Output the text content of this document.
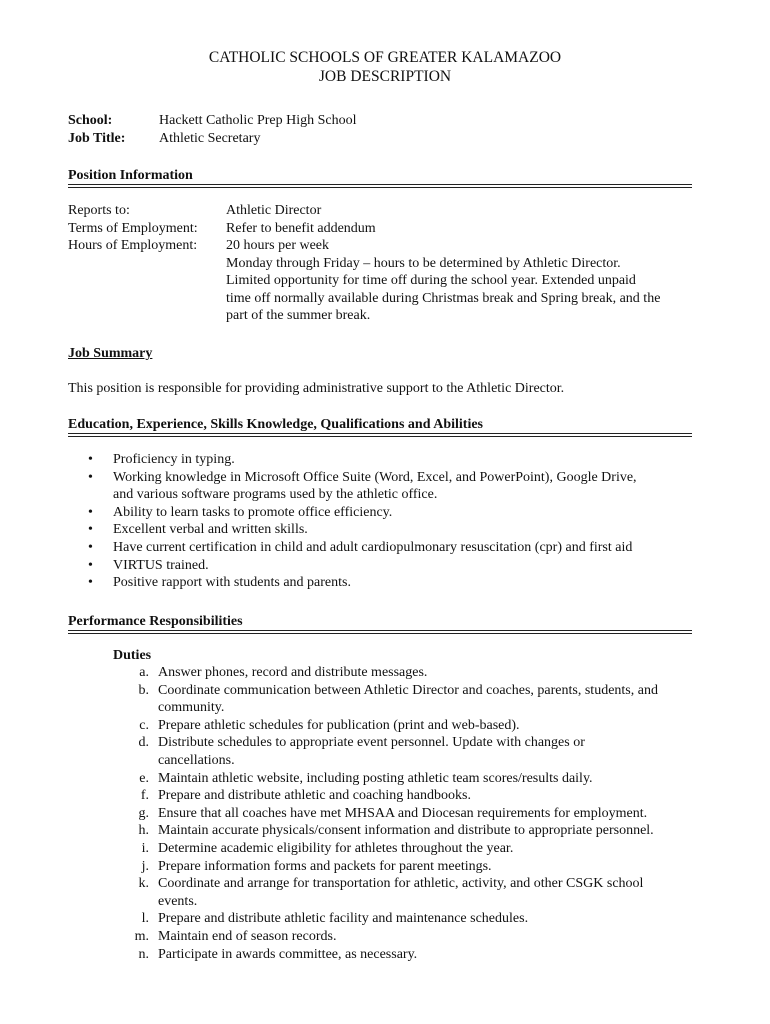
CATHOLIC SCHOOLS OF GREATER KALAMAZOO
JOB DESCRIPTION
School:	Hackett Catholic Prep High School
Job Title: Athletic Secretary
Position Information
Reports to:	Athletic Director
Terms of Employment: Refer to benefit addendum
Hours of Employment: 20 hours per week
Monday through Friday – hours to be determined by Athletic Director.
Limited opportunity for time off during the school year. Extended unpaid
time off normally available during Christmas break and Spring break, and the
part of the summer break.
Job Summary
This position is responsible for providing administrative support to the Athletic Director.
Education, Experience, Skills Knowledge, Qualifications and Abilities
• Proficiency in typing.
• Working knowledge in Microsoft Office Suite (Word, Excel, and PowerPoint), Google Drive,
and various software programs used by the athletic office.
• Ability to learn tasks to promote office efficiency.
• Excellent verbal and written skills.
• Have current certification in child and adult cardiopulmonary resuscitation (cpr) and first aid
• VIRTUS trained.
• Positive rapport with students and parents.
Performance Responsibilities
Duties
a. Answer phones, record and distribute messages.
b. Coordinate communication between Athletic Director and coaches, parents, students, and
community.
c. Prepare athletic schedules for publication (print and web-based).
d. Distribute schedules to appropriate event personnel. Update with changes or
cancellations.
e. Maintain athletic website, including posting athletic team scores/results daily.
f. Prepare and distribute athletic and coaching handbooks.
g. Ensure that all coaches have met MHSAA and Diocesan requirements for employment.
h. Maintain accurate physicals/consent information and distribute to appropriate personnel.
i. Determine academic eligibility for athletes throughout the year.
j. Prepare information forms and packets for parent meetings.
k. Coordinate and arrange for transportation for athletic, activity, and other CSGK school
events.
l. Prepare and distribute athletic facility and maintenance schedules.
m. Maintain end of season records.
n. Participate in awards committee, as necessary.
